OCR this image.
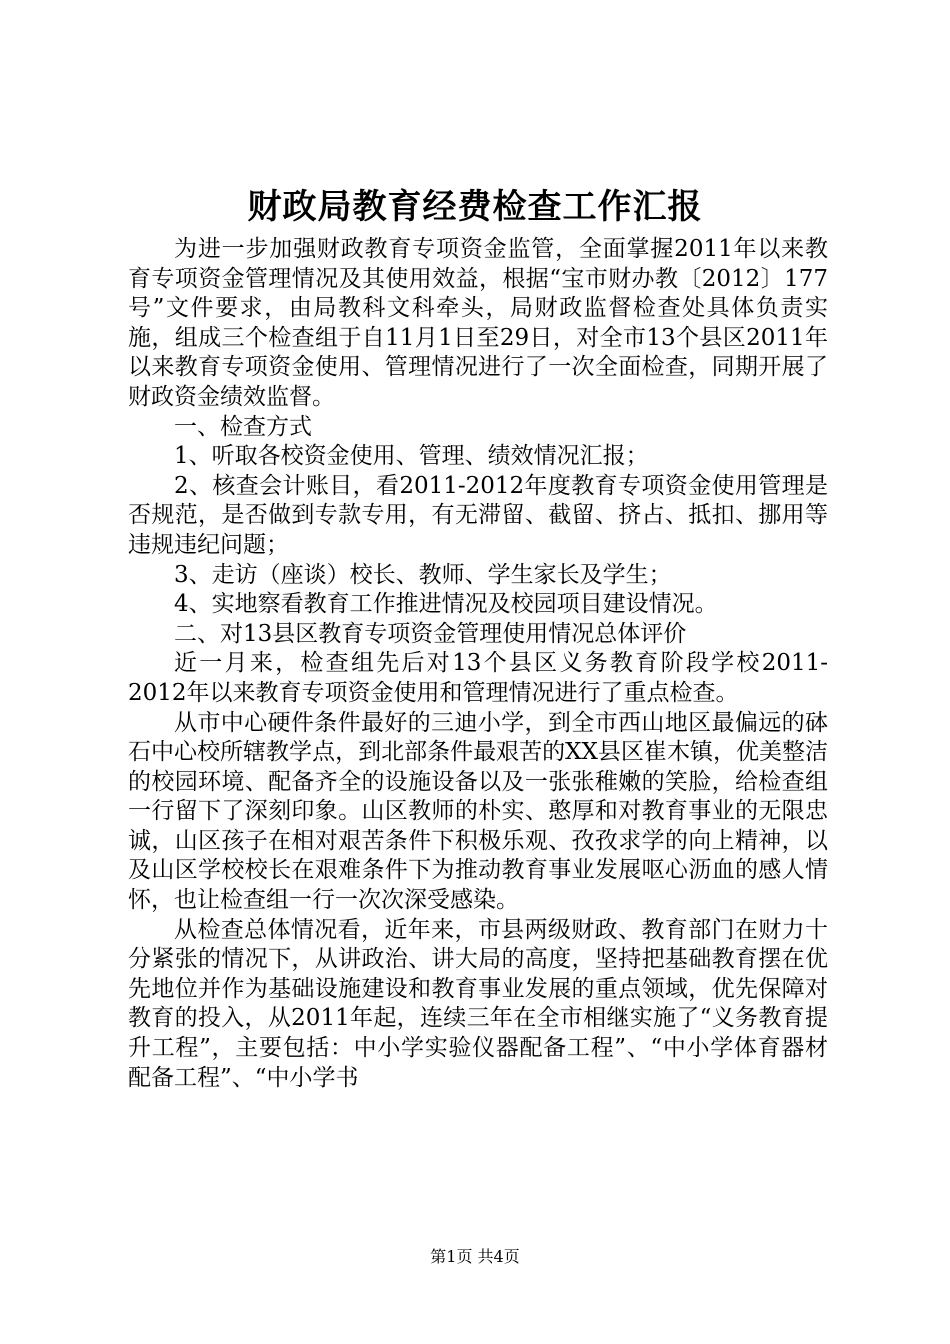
财政局教育经费检查工作汇报

为进一步加强财政教育专项资金监管，全面掌握2011年以来教育专项资金管理情况及其使用效益，根据“宝市财办教〔2012〕177号”文件要求，由局教科文科牵头，局财政监督检查处具体负责实施，组成三个检查组于自11月1日至29日，对全市13个县区2011年以来教育专项资金使用、管理情况进行了一次全面检查，同期开展了财政资金绩效监督。

一、检查方式

1、听取各校资金使用、管理、绩效情况汇报；

2、核查会计账目，看2011-2012年度教育专项资金使用管理是否规范，是否做到专款专用，有无滞留、截留、挤占、抵扣、挪用等违规违纪问题；

3、走访（座谈）校长、教师、学生家长及学生；

4、实地察看教育工作推进情况及校园项目建设情况。

二、对13县区教育专项资金管理使用情况总体评价

近一月来，检查组先后对13个县区义务教育阶段学校2011-2012年以来教育专项资金使用和管理情况进行了重点检查。

从市中心硬件条件最好的三迪小学，到全市西山地区最偏远的砵石中心校所辖教学点，到北部条件最艰苦的XX县区崔木镇，优美整洁的校园环境、配备齐全的设施设备以及一张张稚嫩的笑脸，给检查组一行留下了深刻印象。山区教师的朴实、憨厚和对教育事业的无限忠诚，山区孩子在相对艰苦条件下积极乐观、孜孜求学的向上精神，以及山区学校校长在艰难条件下为推动教育事业发展呕心沥血的感人情怀，也让检查组一行一次次深受感染。

从检查总体情况看，近年来，市县两级财政、教育部门在财力十分紧张的情况下，从讲政治、讲大局的高度，坚持把基础教育摆在优先地位并作为基础设施建设和教育事业发展的重点领域，优先保障对教育的投入，从2011年起，连续三年在全市相继实施了“义务教育提升工程”，主要包括：中小学实验仪器配备工程”、“中小学体育器材配备工程”、“中小学书

第1页 共4页
